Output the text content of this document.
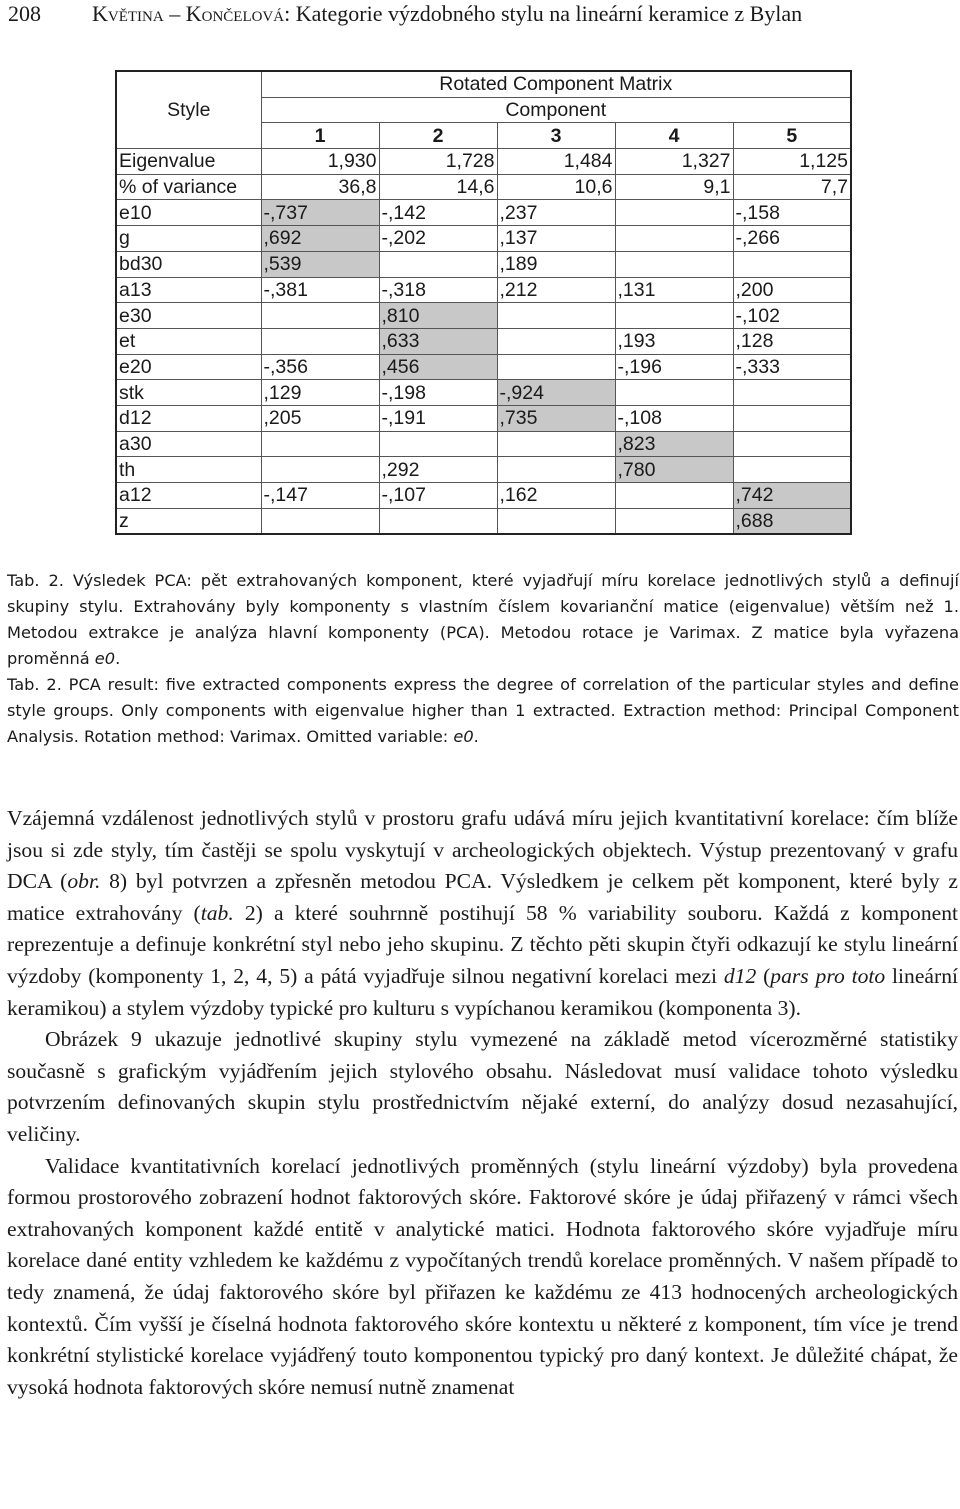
208 Květina – Končelová: Kategorie výzdobného stylu na lineární keramice z Bylan
	Rotated Component Matrix				
Style	Component				
	1	2	3	4	5
Eigenvalue	1,930	1,728	1,484	1,327	1,125
% of variance	36,8	14,6	10,6	9,1	7,7
e10	-,737	-,142	,237		-,158
g	,692	-,202	,137		-,266
bd30	,539		,189		
a13	-,381	-,318	,212	,131	,200
e30		,810			-,102
et		,633		,193	,128
e20	-,356	,456		-,196	-,333
stk	,129	-,198	-,924		
d12	,205	-,191	,735	-,108	
a30				,823	
th		,292		,780	
a12	-,147	-,107	,162		,742
z					,688
Tab. 2. Výsledek PCA: pět extrahovaných komponent, které vyjadřují míru korelace jednotlivých stylů a definují skupiny stylu. Extrahovány byly komponenty s vlastním číslem kovarianční matice (eigenvalue) větším než 1. Metodou extrakce je analýza hlavní komponenty (PCA). Metodou rotace je Varimax. Z matice byla vyřazena proměnná e0.
Tab. 2. PCA result: five extracted components express the degree of correlation of the particular styles and define style groups. Only components with eigenvalue higher than 1 extracted. Extraction method: Principal Component Analysis. Rotation method: Varimax. Omitted variable: e0.

Vzájemná vzdálenost jednotlivých stylů v prostoru grafu udává míru jejich kvantitativní korelace: čím blíže jsou si zde styly, tím častěji se spolu vyskytují v archeologických objektech. Výstup prezentovaný v grafu DCA (obr. 8) byl potvrzen a zpřesněn metodou PCA. Výsledkem je celkem pět komponent, které byly z matice extrahovány (tab. 2) a které souhrnně postihují 58 % variability souboru. Každá z komponent reprezentuje a definuje konkrétní styl nebo jeho skupinu. Z těchto pěti skupin čtyři odkazují ke stylu lineární výzdoby (komponenty 1, 2, 4, 5) a pátá vyjadřuje silnou negativní korelaci mezi d12 (pars pro toto lineární keramikou) a stylem výzdoby typické pro kulturu s vypíchanou keramikou (komponenta 3).

Obrázek 9 ukazuje jednotlivé skupiny stylu vymezené na základě metod vícerozměrné statistiky současně s grafickým vyjádřením jejich stylového obsahu. Následovat musí validace tohoto výsledku potvrzením definovaných skupin stylu prostřednictvím nějaké externí, do analýzy dosud nezasahující, veličiny.

Validace kvantitativních korelací jednotlivých proměnných (stylu lineární výzdoby) byla provedena formou prostorového zobrazení hodnot faktorových skóre. Faktorové skóre je údaj přiřazený v rámci všech extrahovaných komponent každé entitě v analytické matici. Hodnota faktorového skóre vyjadřuje míru korelace dané entity vzhledem ke každému z vypočítaných trendů korelace proměnných. V našem případě to tedy znamená, že údaj faktorového skóre byl přiřazen ke každému ze 413 hodnocených archeologických kontextů. Čím vyšší je číselná hodnota faktorového skóre kontextu u některé z komponent, tím více je trend konkrétní stylistické korelace vyjádřený touto komponentou typický pro daný kontext. Je důležité chápat, že vysoká hodnota faktorových skóre nemusí nutně znamenat
